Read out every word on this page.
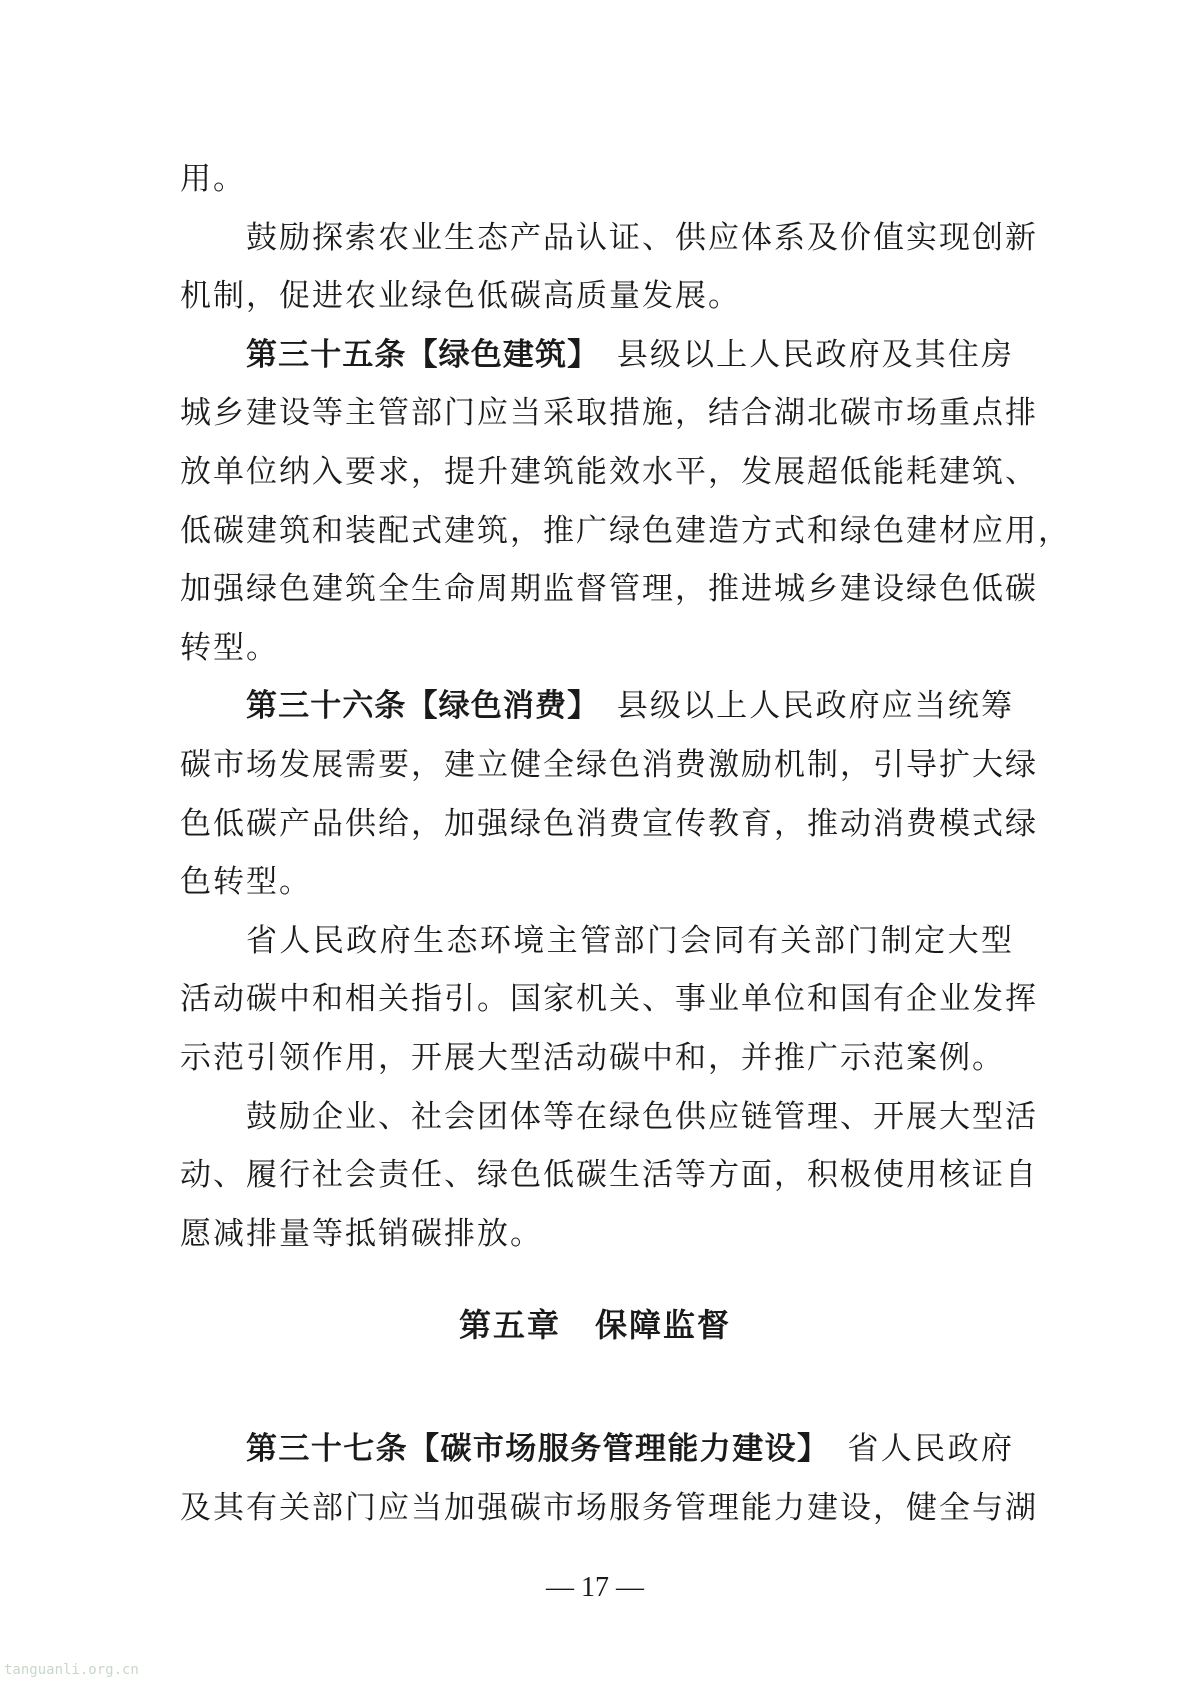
用。
鼓励探索农业生态产品认证、供应体系及价值实现创新
机制，促进农业绿色低碳高质量发展。
第三十五条【绿色建筑】　县级以上人民政府及其住房
城乡建设等主管部门应当采取措施，结合湖北碳市场重点排
放单位纳入要求，提升建筑能效水平，发展超低能耗建筑、
低碳建筑和装配式建筑，推广绿色建造方式和绿色建材应用，
加强绿色建筑全生命周期监督管理，推进城乡建设绿色低碳
转型。
第三十六条【绿色消费】　县级以上人民政府应当统筹
碳市场发展需要，建立健全绿色消费激励机制，引导扩大绿
色低碳产品供给，加强绿色消费宣传教育，推动消费模式绿
色转型。
省人民政府生态环境主管部门会同有关部门制定大型
活动碳中和相关指引。国家机关、事业单位和国有企业发挥
示范引领作用，开展大型活动碳中和，并推广示范案例。
鼓励企业、社会团体等在绿色供应链管理、开展大型活
动、履行社会责任、绿色低碳生活等方面，积极使用核证自
愿减排量等抵销碳排放。
第五章　保障监督
第三十七条【碳市场服务管理能力建设】　省人民政府
及其有关部门应当加强碳市场服务管理能力建设，健全与湖
— 17 —
tanguanli.org.cn
